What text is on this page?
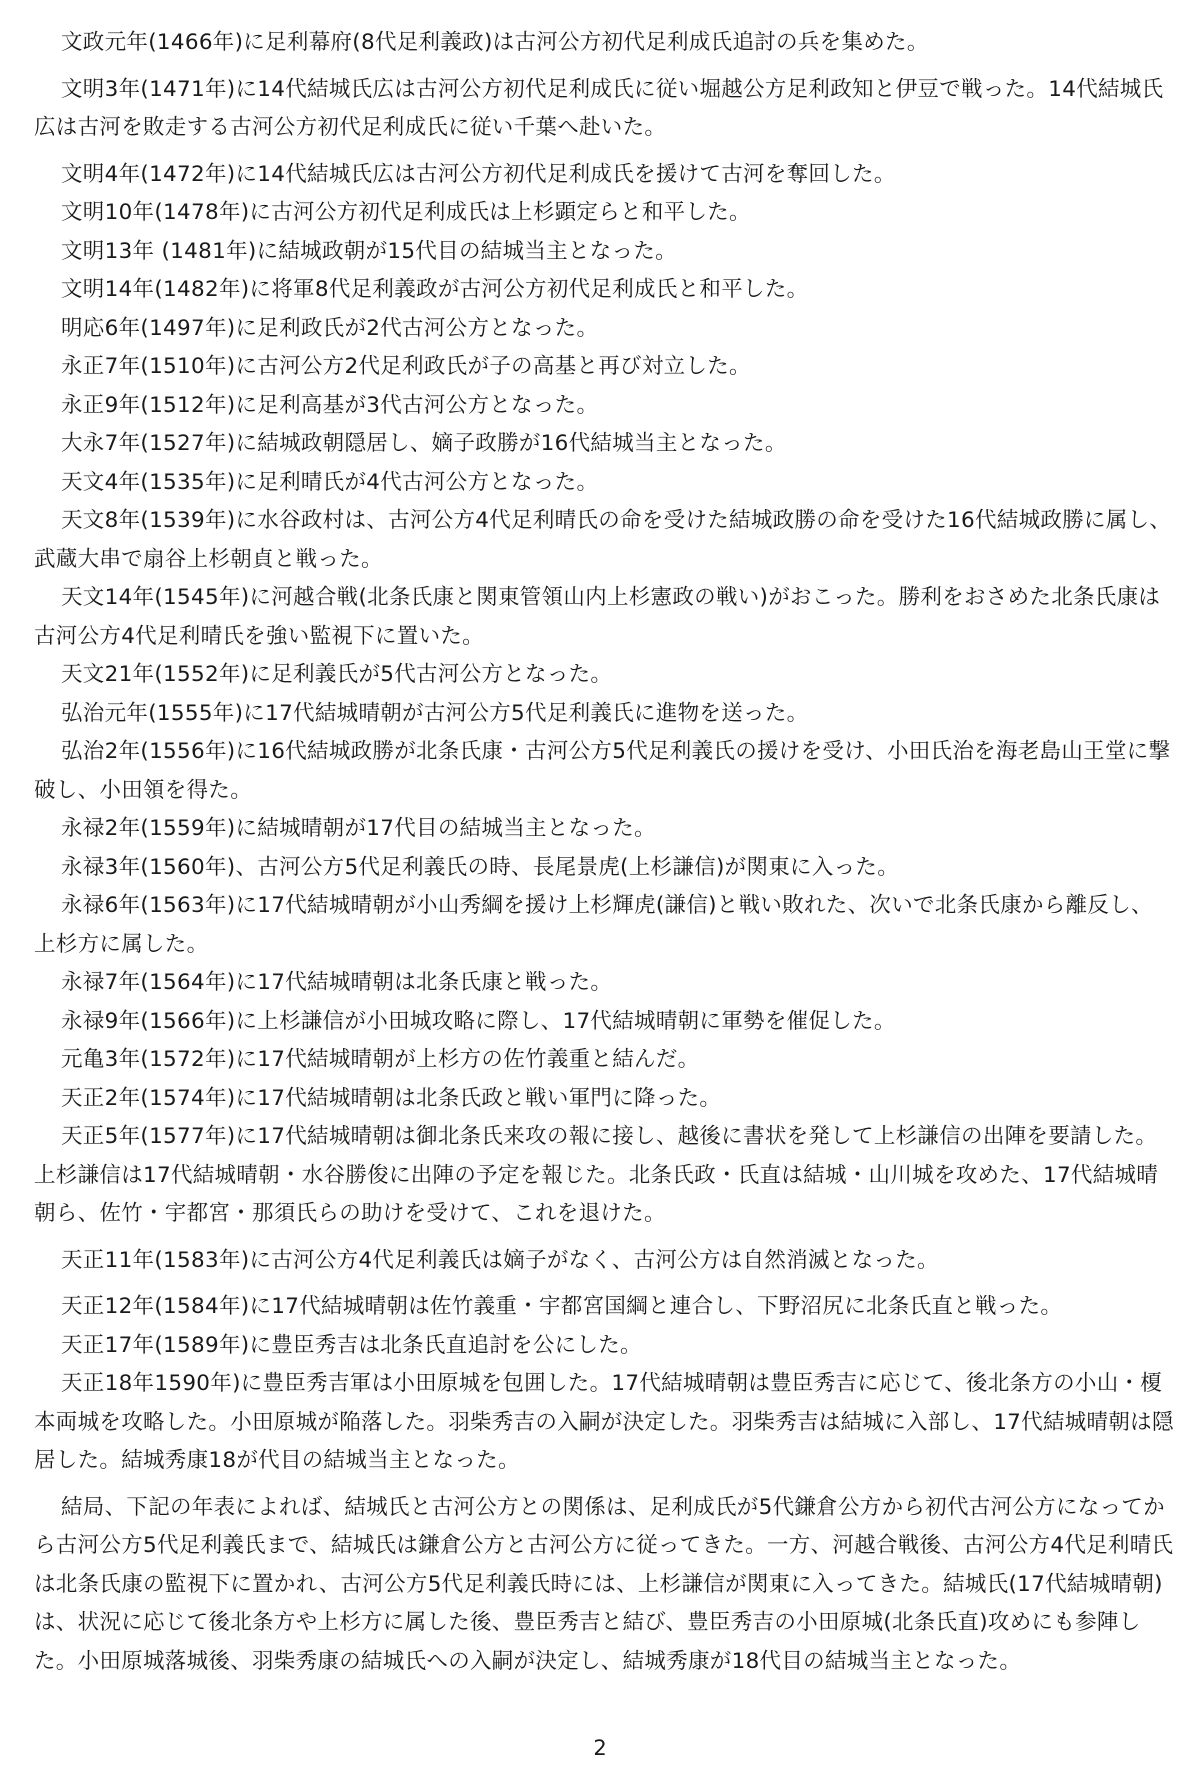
文政元年(1466年)に足利幕府(8代足利義政)は古河公方初代足利成氏追討の兵を集めた。

文明3年(1471年)に14代結城氏広は古河公方初代足利成氏に従い堀越公方足利政知と伊豆で戦った。14代結城氏広は古河を敗走する古河公方初代足利成氏に従い千葉へ赴いた。

文明4年(1472年)に14代結城氏広は古河公方初代足利成氏を援けて古河を奪回した。

文明10年(1478年)に古河公方初代足利成氏は上杉顕定らと和平した。

文明13年 (1481年)に結城政朝が15代目の結城当主となった。

文明14年(1482年)に将軍8代足利義政が古河公方初代足利成氏と和平した。

明応6年(1497年)に足利政氏が2代古河公方となった。

永正7年(1510年)に古河公方2代足利政氏が子の高基と再び対立した。

永正9年(1512年)に足利高基が3代古河公方となった。

大永7年(1527年)に結城政朝隠居し、嫡子政勝が16代結城当主となった。

天文4年(1535年)に足利晴氏が4代古河公方となった。

天文8年(1539年)に水谷政村は、古河公方4代足利晴氏の命を受けた結城政勝の命を受けた16代結城政勝に属し、武蔵大串で扇谷上杉朝貞と戦った。

天文14年(1545年)に河越合戦(北条氏康と関東管領山内上杉憲政の戦い)がおこった。勝利をおさめた北条氏康は古河公方4代足利晴氏を強い監視下に置いた。

天文21年(1552年)に足利義氏が5代古河公方となった。

弘治元年(1555年)に17代結城晴朝が古河公方5代足利義氏に進物を送った。

弘治2年(1556年)に16代結城政勝が北条氏康・古河公方5代足利義氏の援けを受け、小田氏治を海老島山王堂に撃破し、小田領を得た。

永禄2年(1559年)に結城晴朝が17代目の結城当主となった。

永禄3年(1560年)、古河公方5代足利義氏の時、長尾景虎(上杉謙信)が関東に入った。

永禄6年(1563年)に17代結城晴朝が小山秀綱を援け上杉輝虎(謙信)と戦い敗れた、次いで北条氏康から離反し、上杉方に属した。

永禄7年(1564年)に17代結城晴朝は北条氏康と戦った。

永禄9年(1566年)に上杉謙信が小田城攻略に際し、17代結城晴朝に軍勢を催促した。

元亀3年(1572年)に17代結城晴朝が上杉方の佐竹義重と結んだ。

天正2年(1574年)に17代結城晴朝は北条氏政と戦い軍門に降った。

天正5年(1577年)に17代結城晴朝は御北条氏来攻の報に接し、越後に書状を発して上杉謙信の出陣を要請した。上杉謙信は17代結城晴朝・水谷勝俊に出陣の予定を報じた。北条氏政・氏直は結城・山川城を攻めた、17代結城晴朝ら、佐竹・宇都宮・那須氏らの助けを受けて、これを退けた。

天正11年(1583年)に古河公方4代足利義氏は嫡子がなく、古河公方は自然消滅となった。

天正12年(1584年)に17代結城晴朝は佐竹義重・宇都宮国綱と連合し、下野沼尻に北条氏直と戦った。

天正17年(1589年)に豊臣秀吉は北条氏直追討を公にした。

天正18年1590年)に豊臣秀吉軍は小田原城を包囲した。17代結城晴朝は豊臣秀吉に応じて、後北条方の小山・榎本両城を攻略した。小田原城が陥落した。羽柴秀吉の入嗣が決定した。羽柴秀吉は結城に入部し、17代結城晴朝は隠居した。結城秀康18が代目の結城当主となった。

結局、下記の年表によれば、結城氏と古河公方との関係は、足利成氏が5代鎌倉公方から初代古河公方になってから古河公方5代足利義氏まで、結城氏は鎌倉公方と古河公方に従ってきた。一方、河越合戦後、古河公方4代足利晴氏は北条氏康の監視下に置かれ、古河公方5代足利義氏時には、上杉謙信が関東に入ってきた。結城氏(17代結城晴朝)は、状況に応じて後北条方や上杉方に属した後、豊臣秀吉と結び、豊臣秀吉の小田原城(北条氏直)攻めにも参陣した。小田原城落城後、羽柴秀康の結城氏への入嗣が決定し、結城秀康が18代目の結城当主となった。

2
